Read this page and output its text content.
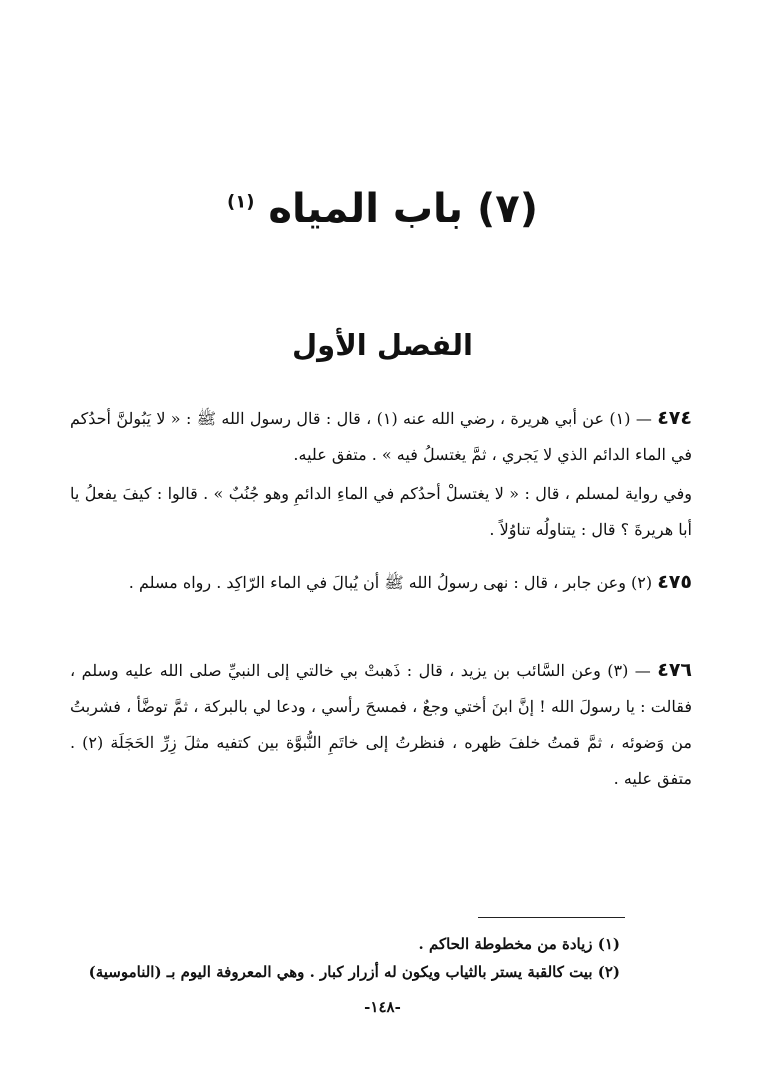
(٧) باب المياه $^{(١)}$
الفصل الأول
٤٧٤ — (١) عن أبي هريرة ، رضي الله عنه (١) ، قال : قال رسول الله ﷺ : « لا يَبُولنَّ أحدُكم في الماء الدائم الذي لا يَجري ، ثمَّ يغتسلُ فيه » . متفق عليه.
وفي رواية لمسلم ، قال : « لا يغتسلْ أحدُكم في الماءِ الدائمِ وهو جُنُبٌ » . قالوا : كيفَ يفعلُ يا أبا هريرةَ ؟ قال : يتناولُه تناوُلاً .
٤٧٥ (٢) وعن جابر ، قال : نهى رسولُ الله ﷺ أن يُبالَ في الماء الرّاكِد . رواه مسلم .
٤٧٦ — (٣) وعن السَّائب بن يزيد ، قال : ذَهبتْ بي خالتي إلى النبيِّ صلى الله عليه وسلم ، فقالت : يا رسولَ الله ! إنَّ ابنَ أختي وجعٌ ، فمسحَ رأسي ، ودعا لي بالبركة ، ثمَّ توضَّأ ، فشربتُ من وَضوئه ، ثمَّ قمتُ خلفَ ظهره ، فنظرتُ إلى خاتَمِ النُّبوَّة بين كتفيه مثلَ زِرِّ الحَجَلَة (٢) . متفق عليه .
(١) زيادة من مخطوطة الحاكم .
(٢) بيت كالقبة يستر بالثياب ويكون له أزرار كبار . وهي المعروفة اليوم بـ (الناموسية)
-١٤٨-
